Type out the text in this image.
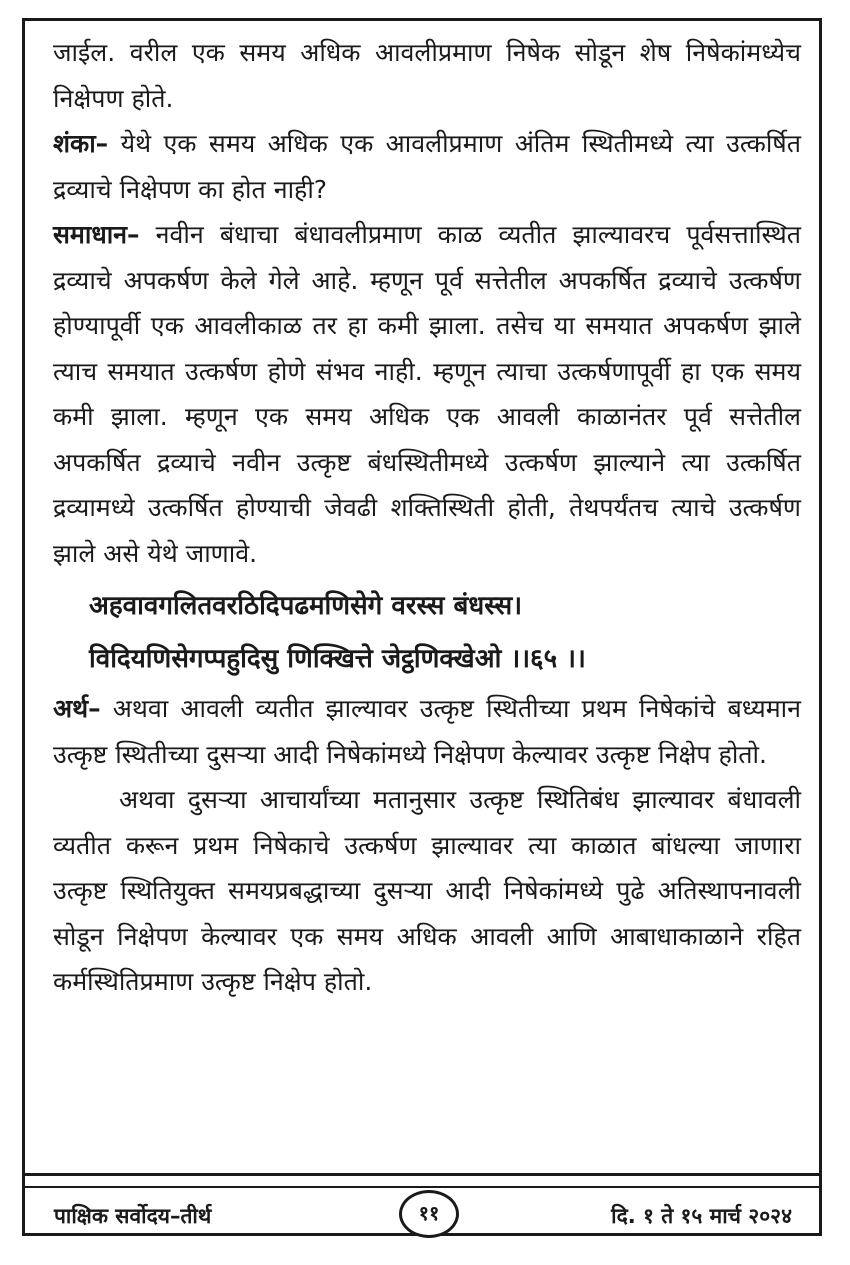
जाईल. वरील एक समय अधिक आवलीप्रमाण निषेक सोडून शेष निषेकांमध्येच निक्षेपण होते.

शंका– येथे एक समय अधिक एक आवलीप्रमाण अंतिम स्थितीमध्ये त्या उत्कर्षित द्रव्याचे निक्षेपण का होत नाही?

समाधान– नवीन बंधाचा बंधावलीप्रमाण काळ व्यतीत झाल्यावरच पूर्वसत्तास्थित द्रव्याचे अपकर्षण केले गेले आहे. म्हणून पूर्व सत्तेतील अपकर्षित द्रव्याचे उत्कर्षण होण्यापूर्वी एक आवलीकाळ तर हा कमी झाला. तसेच या समयात अपकर्षण झाले त्याच समयात उत्कर्षण होणे संभव नाही. म्हणून त्याचा उत्कर्षणापूर्वी हा एक समय कमी झाला. म्हणून एक समय अधिक एक आवली काळानंतर पूर्व सत्तेतील अपकर्षित द्रव्याचे नवीन उत्कृष्ट बंधस्थितीमध्ये उत्कर्षण झाल्याने त्या उत्कर्षित द्रव्यामध्ये उत्कर्षित होण्याची जेवढी शक्तिस्थिती होती, तेथपर्यंतच त्याचे उत्कर्षण झाले असे येथे जाणावे.

अहवावगलितवरठिदिपढमणिसेगे वरस्स बंधस्स।
विदियणिसेगप्पहुदिसु णिक्खित्ते जेट्ठणिक्खेओ ।।६५ ।।

अर्थ– अथवा आवली व्यतीत झाल्यावर उत्कृष्ट स्थितीच्या प्रथम निषेकांचे बध्यमान उत्कृष्ट स्थितीच्या दुसऱ्या आदी निषेकांमध्ये निक्षेपण केल्यावर उत्कृष्ट निक्षेप होतो.

अथवा दुसऱ्या आचार्यांच्या मतानुसार उत्कृष्ट स्थितिबंध झाल्यावर बंधावली व्यतीत करून प्रथम निषेकाचे उत्कर्षण झाल्यावर त्या काळात बांधल्या जाणारा उत्कृष्ट स्थितियुक्त समयप्रबद्धाच्या दुसऱ्या आदी निषेकांमध्ये पुढे अतिस्थापनावली सोडून निक्षेपण केल्यावर एक समय अधिक आवली आणि आबाधाकाळाने रहित कर्मस्थितिप्रमाण उत्कृष्ट निक्षेप होतो.

पाक्षिक सर्वोदय–तीर्थ	११	दि. १ ते १५ मार्च २०२४
